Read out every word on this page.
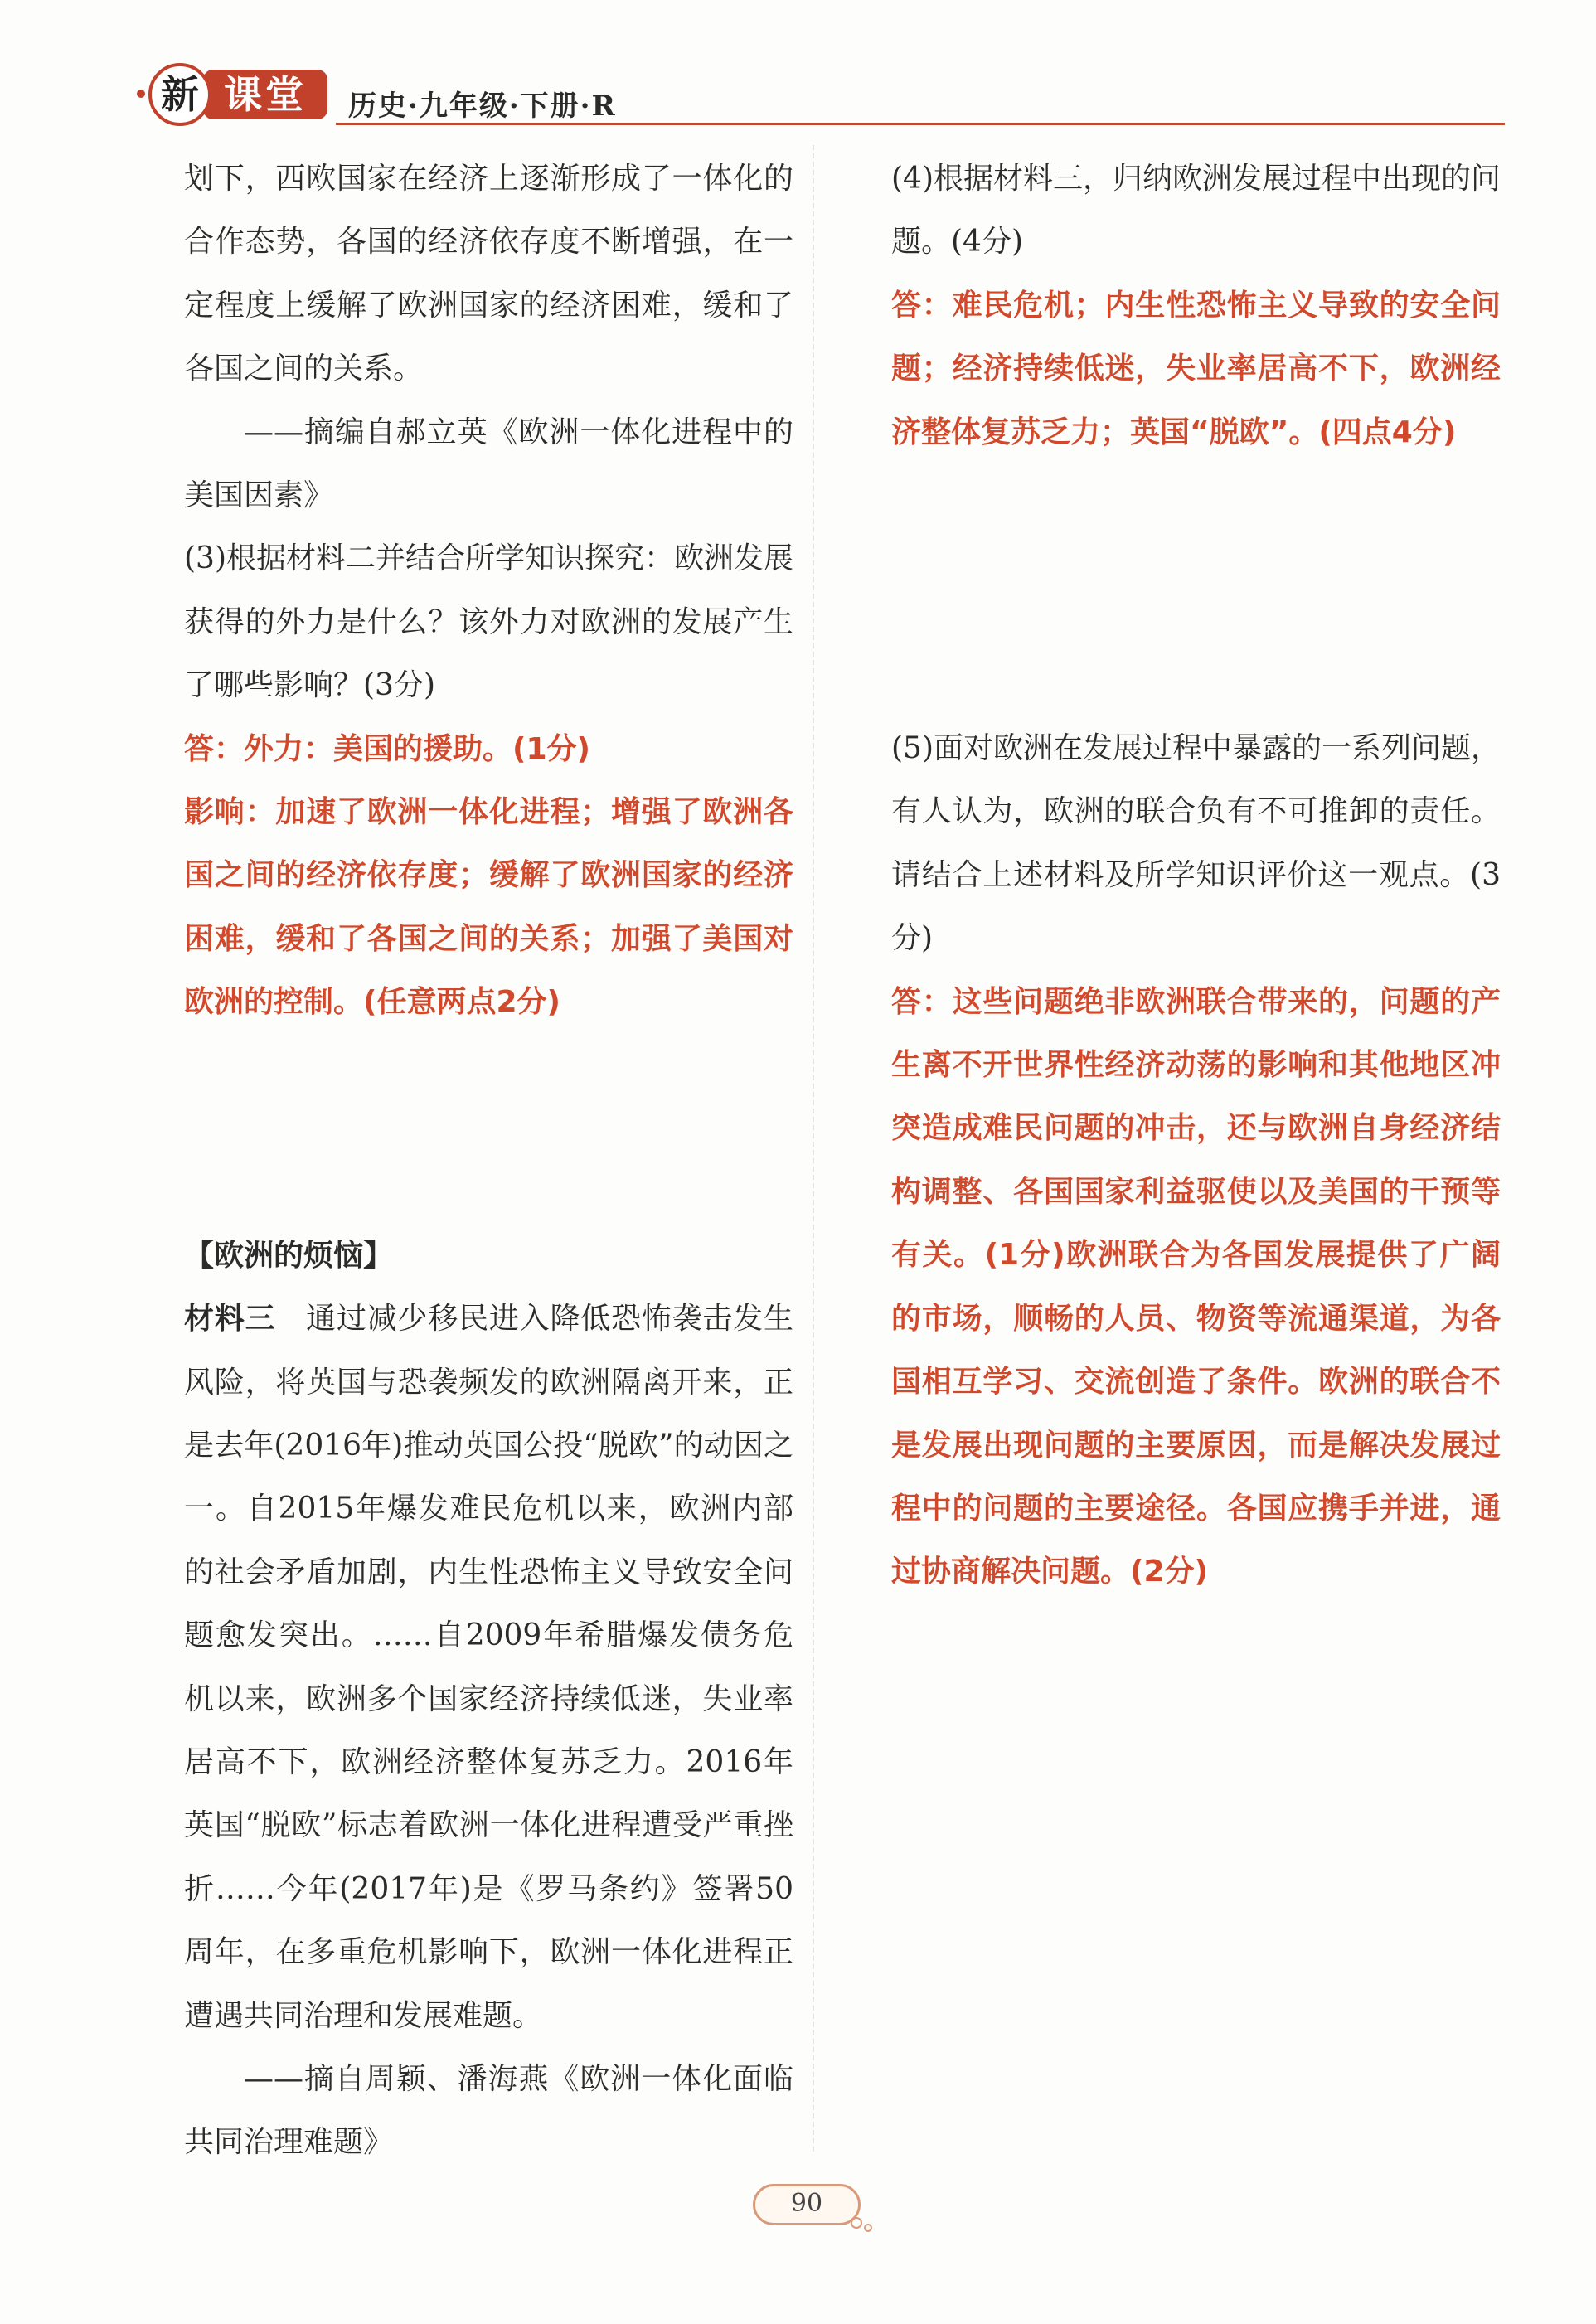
课堂
新	历史·九年级·下册·R

划下，西欧国家在经济上逐渐形成了一体化的合作态势，各国的经济依存度不断增强，在一定程度上缓解了欧洲国家的经济困难，缓和了各国之间的关系。

——摘编自郝立英《欧洲一体化进程中的美国因素》

(3)根据材料二并结合所学知识探究：欧洲发展获得的外力是什么？该外力对欧洲的发展产生了哪些影响？(3分)

答：外力：美国的援助。(1分)

影响：加速了欧洲一体化进程；增强了欧洲各国之间的经济依存度；缓解了欧洲国家的经济困难，缓和了各国之间的关系；加强了美国对欧洲的控制。(任意两点2分)

【欧洲的烦恼】

材料三　 通过减少移民进入降低恐怖袭击发生风险，将英国与恐袭频发的欧洲隔离开来，正是去年(2016年)推动英国公投“脱欧”的动因之一。自2015年爆发难民危机以来，欧洲内部的社会矛盾加剧，内生性恐怖主义导致安全问题愈发突出。……自2009年希腊爆发债务危机以来，欧洲多个国家经济持续低迷，失业率居高不下，欧洲经济整体复苏乏力。2016年英国“脱欧”标志着欧洲一体化进程遭受严重挫折……今年(2017年)是《罗马条约》签署50周年，在多重危机影响下，欧洲一体化进程正遭遇共同治理和发展难题。

——摘自周颖、潘海燕《欧洲一体化面临共同治理难题》

(4)根据材料三，归纳欧洲发展过程中出现的问题。(4分)

答：难民危机；内生性恐怖主义导致的安全问题；经济持续低迷，失业率居高不下，欧洲经济整体复苏乏力；英国“脱欧”。(四点4分)

(5)面对欧洲在发展过程中暴露的一系列问题，有人认为，欧洲的联合负有不可推卸的责任。请结合上述材料及所学知识评价这一观点。(3分)

答：这些问题绝非欧洲联合带来的，问题的产生离不开世界性经济动荡的影响和其他地区冲突造成难民问题的冲击，还与欧洲自身经济结构调整、各国国家利益驱使以及美国的干预等有关。(1分)欧洲联合为各国发展提供了广阔的市场，顺畅的人员、物资等流通渠道，为各国相互学习、交流创造了条件。欧洲的联合不是发展出现问题的主要原因，而是解决发展过程中的问题的主要途径。各国应携手并进，通过协商解决问题。(2分)

90
